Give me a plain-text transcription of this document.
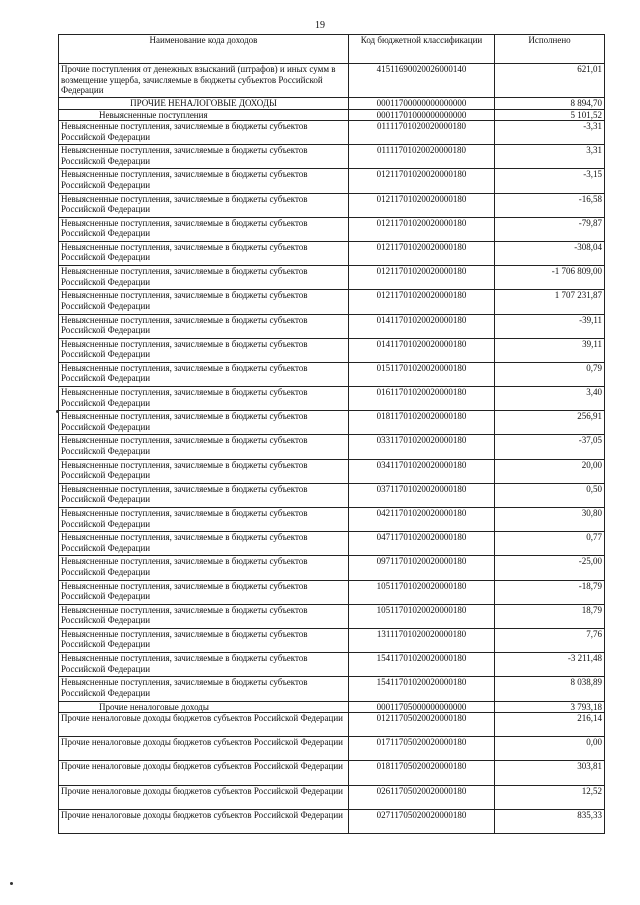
19
Наименование кода доходов	Код бюджетной классификации	Исполнено
Прочие поступления от денежных взысканий (штрафов) и иных сумм в возмещение ущерба, зачисляемые в бюджеты субъектов Российской Федерации	41511690020026000140	621,01
ПРОЧИЕ НЕНАЛОГОВЫЕ ДОХОДЫ	00011700000000000000	8 894,70
Невыясненные поступления	00011701000000000000	5 101,52
Невыясненные поступления, зачисляемые в бюджеты субъектов Российской Федерации	01111701020020000180	-3,31
Невыясненные поступления, зачисляемые в бюджеты субъектов Российской Федерации	01111701020020000180	3,31
Невыясненные поступления, зачисляемые в бюджеты субъектов Российской Федерации	01211701020020000180	-3,15
Невыясненные поступления, зачисляемые в бюджеты субъектов Российской Федерации	01211701020020000180	-16,58
Невыясненные поступления, зачисляемые в бюджеты субъектов Российской Федерации	01211701020020000180	-79,87
Невыясненные поступления, зачисляемые в бюджеты субъектов Российской Федерации	01211701020020000180	-308,04
Невыясненные поступления, зачисляемые в бюджеты субъектов Российской Федерации	01211701020020000180	-1 706 809,00
Невыясненные поступления, зачисляемые в бюджеты субъектов Российской Федерации	01211701020020000180	1 707 231,87
Невыясненные поступления, зачисляемые в бюджеты субъектов Российской Федерации	01411701020020000180	-39,11
Невыясненные поступления, зачисляемые в бюджеты субъектов Российской Федерации	01411701020020000180	39,11
Невыясненные поступления, зачисляемые в бюджеты субъектов Российской Федерации	01511701020020000180	0,79
Невыясненные поступления, зачисляемые в бюджеты субъектов Российской Федерации	01611701020020000180	3,40
Невыясненные поступления, зачисляемые в бюджеты субъектов Российской Федерации	01811701020020000180	256,91
Невыясненные поступления, зачисляемые в бюджеты субъектов Российской Федерации	03311701020020000180	-37,05
Невыясненные поступления, зачисляемые в бюджеты субъектов Российской Федерации	03411701020020000180	20,00
Невыясненные поступления, зачисляемые в бюджеты субъектов Российской Федерации	03711701020020000180	0,50
Невыясненные поступления, зачисляемые в бюджеты субъектов Российской Федерации	04211701020020000180	30,80
Невыясненные поступления, зачисляемые в бюджеты субъектов Российской Федерации	04711701020020000180	0,77
Невыясненные поступления, зачисляемые в бюджеты субъектов Российской Федерации	09711701020020000180	-25,00
Невыясненные поступления, зачисляемые в бюджеты субъектов Российской Федерации	10511701020020000180	-18,79
Невыясненные поступления, зачисляемые в бюджеты субъектов Российской Федерации	10511701020020000180	18,79
Невыясненные поступления, зачисляемые в бюджеты субъектов Российской Федерации	13111701020020000180	7,76
Невыясненные поступления, зачисляемые в бюджеты субъектов Российской Федерации	15411701020020000180	-3 211,48
Невыясненные поступления, зачисляемые в бюджеты субъектов Российской Федерации	15411701020020000180	8 038,89
Прочие неналоговые доходы	00011705000000000000	3 793,18
Прочие неналоговые доходы бюджетов субъектов Российской Федерации	01211705020020000180	216,14
Прочие неналоговые доходы бюджетов субъектов Российской Федерации	01711705020020000180	0,00
Прочие неналоговые доходы бюджетов субъектов Российской Федерации	01811705020020000180	303,81
Прочие неналоговые доходы бюджетов субъектов Российской Федерации	02611705020020000180	12,52
Прочие неналоговые доходы бюджетов субъектов Российской Федерации	02711705020020000180	835,33
